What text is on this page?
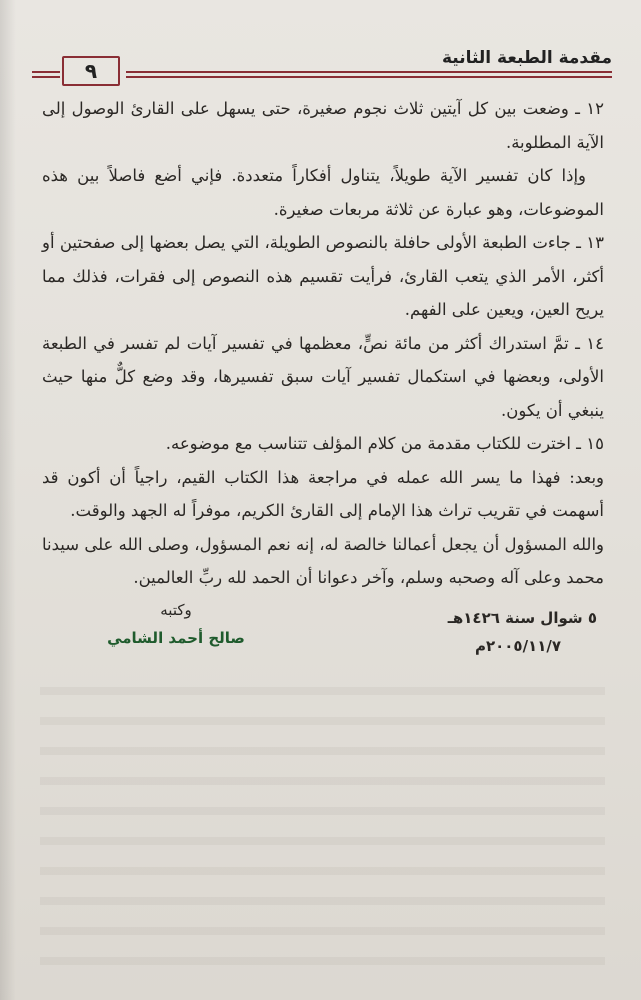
٩
مقدمة الطبعة الثانية

١٢ ـ وضعت بين كل آيتين ثلاث نجوم صغيرة، حتى يسهل على القارئ الوصول إلى الآية المطلوبة.

وإذا كان تفسير الآية طويلاً، يتناول أفكاراً متعددة. فإني أضع فاصلاً بين هذه الموضوعات، وهو عبارة عن ثلاثة مربعات صغيرة.

١٣ ـ جاءت الطبعة الأولى حافلة بالنصوص الطويلة، التي يصل بعضها إلى صفحتين أو أكثر، الأمر الذي يتعب القارئ، فرأيت تقسيم هذه النصوص إلى فقرات، فذلك مما يريح العين، ويعين على الفهم.

١٤ ـ تمَّ استدراك أكثر من مائة نصٍّ، معظمها في تفسير آيات لم تفسر في الطبعة الأولى، وبعضها في استكمال تفسير آيات سبق تفسيرها، وقد وضع كلٌّ منها حيث ينبغي أن يكون.

١٥ ـ اخترت للكتاب مقدمة من كلام المؤلف تتناسب مع موضوعه.

وبعد: فهذا ما يسر الله عمله في مراجعة هذا الكتاب القيم، راجياً أن أكون قد أسهمت في تقريب تراث هذا الإمام إلى القارئ الكريم، موفراً له الجهد والوقت.

والله المسؤول أن يجعل أعمالنا خالصة له، إنه نعم المسؤول، وصلى الله على سيدنا محمد وعلى آله وصحبه وسلم، وآخر دعوانا أن الحمد لله ربِّ العالمين.

وكتبه
صالح أحمد الشامي
٥ شوال سنة ١٤٢٦هـ
٢٠٠٥/١١/٧م
